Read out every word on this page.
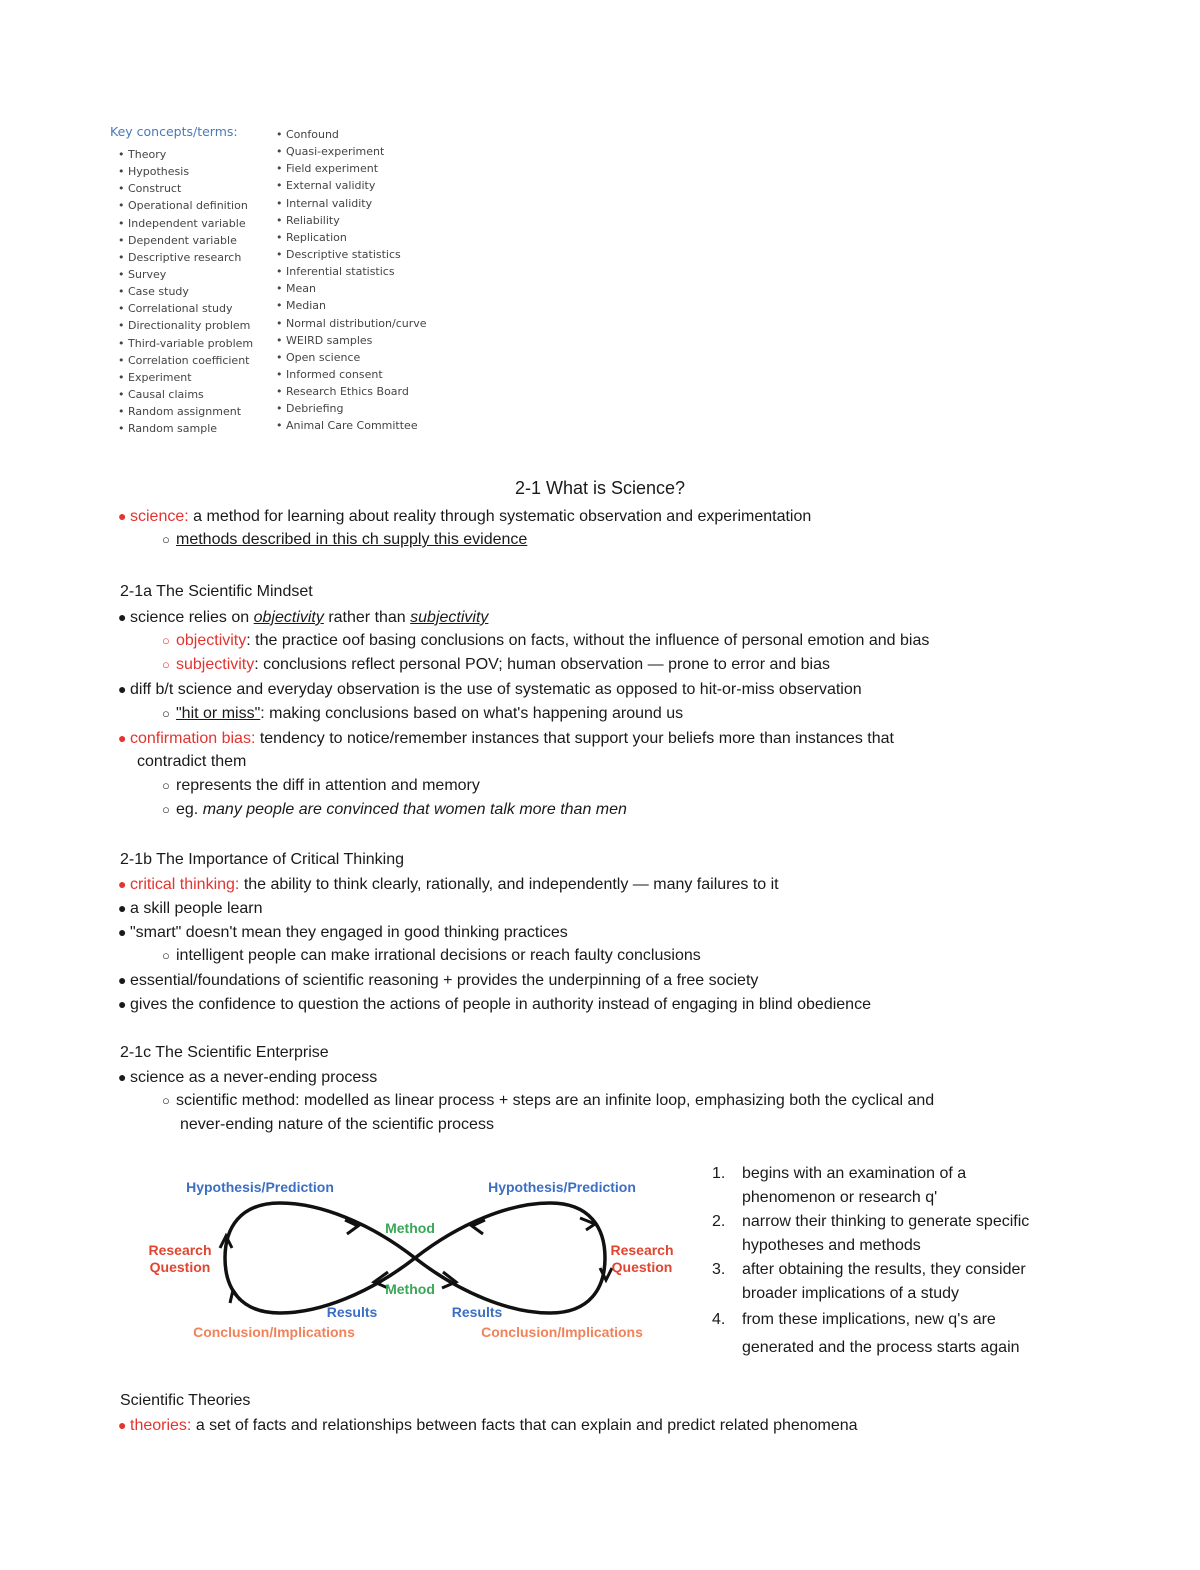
Key concepts/terms:
• Theory
• Hypothesis
• Construct
• Operational definition
• Independent variable
• Dependent variable
• Descriptive research
• Survey
• Case study
• Correlational study
• Directionality problem
• Third-variable problem
• Correlation coefficient
• Experiment
• Causal claims
• Random assignment
• Random sample
• Confound
• Quasi-experiment
• Field experiment
• External validity
• Internal validity
• Reliability
• Replication
• Descriptive statistics
• Inferential statistics
• Mean
• Median
• Normal distribution/curve
• WEIRD samples
• Open science
• Informed consent
• Research Ethics Board
• Debriefing
• Animal Care Committee
2-1 What is Science?
● science: a method for learning about reality through systematic observation and experimentation
○ methods described in this ch supply this evidence
2-1a The Scientific Mindset
● science relies on objectivity rather than subjectivity
○ objectivity: the practice oof basing conclusions on facts, without the influence of personal emotion and bias
○ subjectivity: conclusions reflect personal POV; human observation — prone to error and bias
● diff b/t science and everyday observation is the use of systematic as opposed to hit-or-miss observation
○ "hit or miss": making conclusions based on what's happening around us
● confirmation bias: tendency to notice/remember instances that support your beliefs more than instances that
contradict them
○ represents the diff in attention and memory
○ eg. many people are convinced that women talk more than men
2-1b The Importance of Critical Thinking
● critical thinking: the ability to think clearly, rationally, and independently — many failures to it
● a skill people learn
● "smart" doesn't mean they engaged in good thinking practices
○ intelligent people can make irrational decisions or reach faulty conclusions
● essential/foundations of scientific reasoning + provides the underpinning of a free society
● gives the confidence to question the actions of people in authority instead of engaging in blind obedience
2-1c The Scientific Enterprise
● science as a never-ending process
○ scientific method: modelled as linear process + steps are an infinite loop, emphasizing both the cyclical and
never-ending nature of the scientific process
Scientific Theories
● theories: a set of facts and relationships between facts that can explain and predict related phenomena
Hypothesis/Prediction	Hypothesis/Prediction
Research
Question
Research
Question
Method
Method
Results	Results
Conclusion/Implications	Conclusion/Implications
1. begins with an examination of a
phenomenon or research q'
2. narrow their thinking to generate specific
hypotheses and methods
3. after obtaining the results, they consider
broader implications of a study
4. from these implications, new q's are
generated and the process starts again
